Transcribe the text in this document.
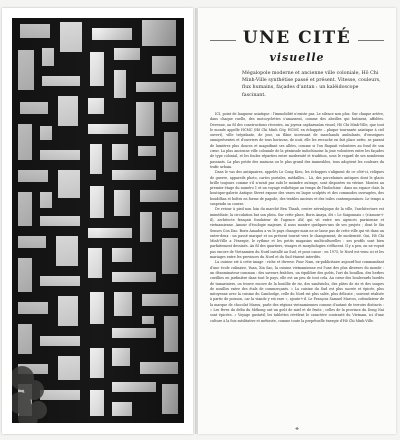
UNE CITÉ
visuelle

Mégalopole moderne et ancienne ville coloniale, Hô Chi Minh-Ville synthétise passé et présent. Vitesse, couleurs, flux humains, façades d'antan : un kaléidoscope fascinant.

ICI, point de langueur asiatique : l'immobilité n'existe pas. Le silence non plus. Sur chaque artère, dans chaque ruelle, des motocyclettes s'amassent, comme des abeilles qui butinent, affolées. Devenue, au fil des constructions récentes, un joyeux capharnaüm visuel, Hô Chi Minh-Ville, que tout le monde appelle HCMC (Hô Chi Minh City, HCMC en échappée – plaque tournante asiatique à ciel ouvert), ville trépidante, de jour, on flâne incessant de marchands ambulants, d'enseignes omniprésentes et d'ouvriers de tous horizons, de nuit, elle les recrache en fait place nette, se parant de lumières plus douces et magnifiant ses allées, comme si l'on flaquait volontiers au fond de son cœur. La plus ancienne ville coloniale de la péninsule indochinoise la joue volontiers entre les façades de type colonial, et les foules réparties entre modernité et tradition, sous le regard de ses nombreux passants. La plus petite des maisons ou le plus grand des immeubles, tous adoptent les couleurs du trafic urbain.

Dans le vas des antiquaires, appelés Le Cong Kieu, les échoppes s'alignent de ce côté-ci, reliques de guerre, appareils photo, cartes postales, médailles... Là, des porcelaines antiques dont le glacis brille toujours comme s'il n'avait pas subi le moindre outrage, sont disposées en vitrine. Montez au premier étage du numéro 1 et un voyage esthétique au temps de l'Indochine : dans un espace clair, la boutique-galerie Antique Street expose des vases en laque sculptés et des commodes ouvragées, des bouddhas et boîtes en forme de pagode, des textiles anciens et des toiles contemporaines. Le temps a suspendu sa course.

De retour à pied non loin du marché Ben Thanh, centre névralgique de la ville, l'architecture est immédiate, la circulation bat son plein. Sur cette place, Boris Anaya, dit « Le Saigonnais » (s'amuse-t-il), architecte français fondateur de l'agence AW, qui vit entre ses agences parisienne et vietnamienne. Amour d'écologie majeure, il nous montre quelques-uns de ses projets ; dont le Six Senses Con Dao. Boris Amadou a vu le pays changer mais ne se lasse pas de cette ville qui vit dans un entre-deux : un passé marqué et un présent tourné vers le changement, de modernité. Oui, Hô Chi Minh-Ville a l'énergie, le rythme et les petits magasins multiculturelles : ses profils sont bien parfaitement dessinés. Au fil des quartiers, visages et morphologies s'effacent. Il y a peu, on ne voyait pas encore de Vietnamien du Nord installé au Sud, et pour cause : en 1975, le Nord est venu ici et les mariages entre les provinces du Nord et du Sud étaient interdits.

La cuisine est à cette image : riche et diverse. Pour Nam, ex-publicitaire aujourd'hui commandant d'une école culinaire, Yuan, Xin Sao, la cuisine vietnamienne est l'une des plus diverses du monde : un dénominateur commun : des saveurs fraîches, un équilibre des goûts, l'art du bouillon, des herbes cueillies en jardinière dans tout le pays, elle est un peu de tout cela. Au cœur des boulevards bordés de tamariniers, on trouve encore de la bouillie de riz, des sandwichs, des pâtes de riz et des soupes de nouilles entre des étals de commerçants. « La cuisine du Sud est plus sucrée et épicée, plus mitoyenne avec la cuisine du Cambodge, celle du Nord est plus salée, plus délicate ; souvent réalisée à partir de poisson, car la viande y est rare », ajoute-t-il. Le François Samuel Marcos, cofondateur de la marque de chocolat Marou, parle des régions vietnamiennes comme d'autant de terroirs distincts : « Les fèves du delta du Mékong ont un goût de miel et de fruits ; celles de la province du Dong Nai sont épicées. » Voyage gustatif, les tablettes révèlent le caractère contrasté du Vietnam, ici d'une culture à la fois méditative et métissée, comme toute la perpétuelle énergie d'Hô Chi Minh-Ville.

✤
